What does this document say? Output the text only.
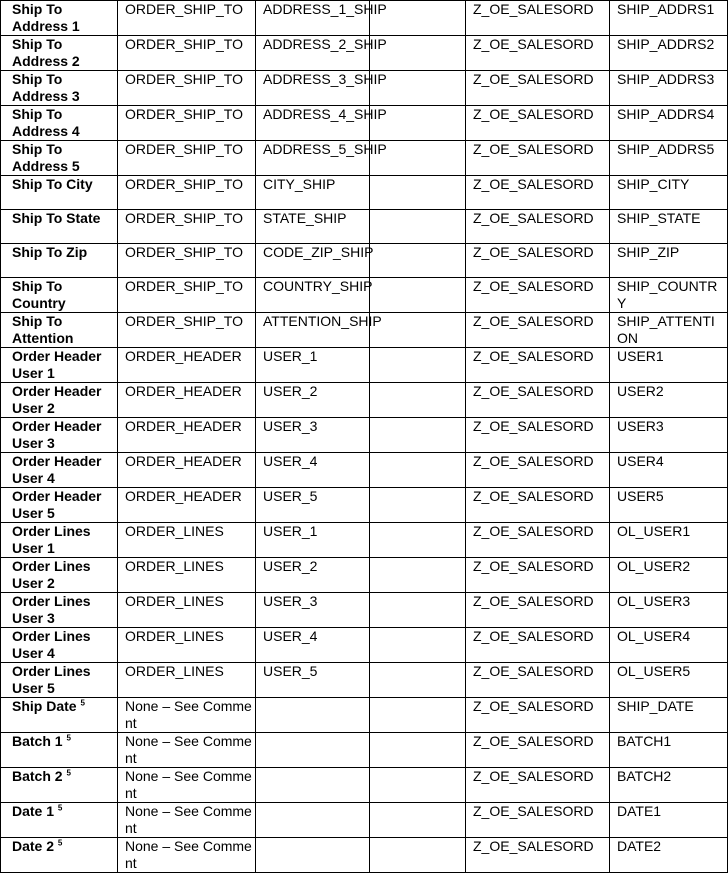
Ship To Address 1	ORDER_SHIP_TO	ADDRESS_1_SHIP		Z_OE_SALESORD	SHIP_ADDRS1
Ship To Address 2	ORDER_SHIP_TO	ADDRESS_2_SHIP		Z_OE_SALESORD	SHIP_ADDRS2
Ship To Address 3	ORDER_SHIP_TO	ADDRESS_3_SHIP		Z_OE_SALESORD	SHIP_ADDRS3
Ship To Address 4	ORDER_SHIP_TO	ADDRESS_4_SHIP		Z_OE_SALESORD	SHIP_ADDRS4
Ship To Address 5	ORDER_SHIP_TO	ADDRESS_5_SHIP		Z_OE_SALESORD	SHIP_ADDRS5
Ship To City	ORDER_SHIP_TO	CITY_SHIP		Z_OE_SALESORD	SHIP_CITY
Ship To State	ORDER_SHIP_TO	STATE_SHIP		Z_OE_SALESORD	SHIP_STATE
Ship To Zip	ORDER_SHIP_TO	CODE_ZIP_SHIP		Z_OE_SALESORD	SHIP_ZIP
Ship To Country	ORDER_SHIP_TO	COUNTRY_SHIP		Z_OE_SALESORD	SHIP_COUNTRY
Ship To Attention	ORDER_SHIP_TO	ATTENTION_SHIP		Z_OE_SALESORD	SHIP_ATTENTION
Order Header User 1	ORDER_HEADER	USER_1		Z_OE_SALESORD	USER1
Order Header User 2	ORDER_HEADER	USER_2		Z_OE_SALESORD	USER2
Order Header User 3	ORDER_HEADER	USER_3		Z_OE_SALESORD	USER3
Order Header User 4	ORDER_HEADER	USER_4		Z_OE_SALESORD	USER4
Order Header User 5	ORDER_HEADER	USER_5		Z_OE_SALESORD	USER5
Order Lines User 1	ORDER_LINES	USER_1		Z_OE_SALESORD	OL_USER1
Order Lines User 2	ORDER_LINES	USER_2		Z_OE_SALESORD	OL_USER2
Order Lines User 3	ORDER_LINES	USER_3		Z_OE_SALESORD	OL_USER3
Order Lines User 4	ORDER_LINES	USER_4		Z_OE_SALESORD	OL_USER4
Order Lines User 5	ORDER_LINES	USER_5		Z_OE_SALESORD	OL_USER5
Ship Date $^5$	None – See Comment			Z_OE_SALESORD	SHIP_DATE
Batch 1 $^5$	None – See Comment			Z_OE_SALESORD	BATCH1
Batch 2 $^5$	None – See Comment			Z_OE_SALESORD	BATCH2
Date 1 $^5$	None – See Comment			Z_OE_SALESORD	DATE1
Date 2 $^5$	None – See Comment			Z_OE_SALESORD	DATE2
